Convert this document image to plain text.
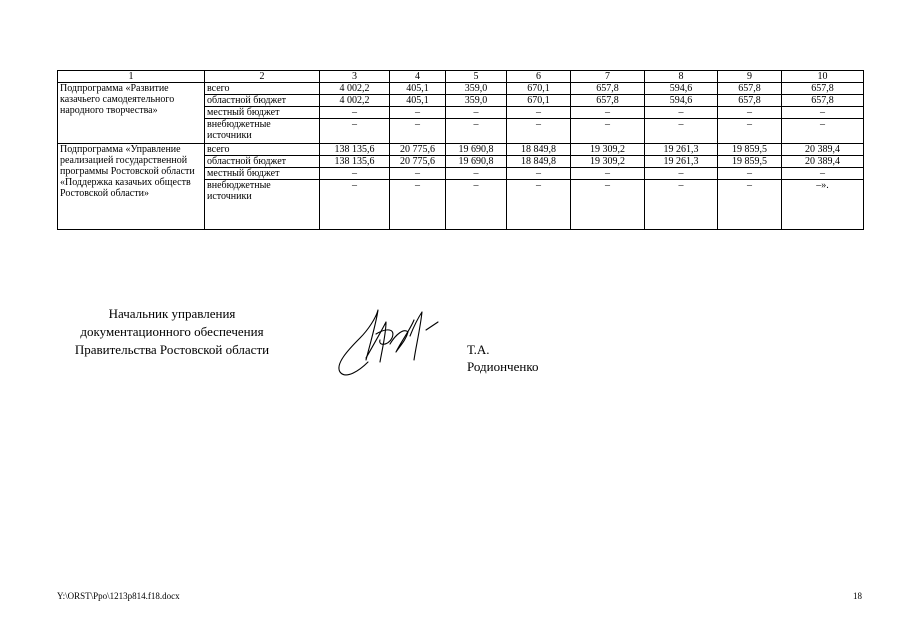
1	2	3	4	5	6	7	8	9	10
Подпрограмма «Развитие казачьего самодеятельного народного творчества»	всего	4 002,2	405,1	359,0	670,1	657,8	594,6	657,8	657,8
	областной бюджет	4 002,2	405,1	359,0	670,1	657,8	594,6	657,8	657,8
	местный бюджет	–	–	–	–	–	–	–	–
	внебюджетные источники	–	–	–	–	–	–	–	–
Подпрограмма «Управление реализацией государственной программы Ростовской области «Поддержка казачьих обществ Ростовской области»	всего	138 135,6	20 775,6	19 690,8	18 849,8	19 309,2	19 261,3	19 859,5	20 389,4
	областной бюджет	138 135,6	20 775,6	19 690,8	18 849,8	19 309,2	19 261,3	19 859,5	20 389,4
	местный бюджет	–	–	–	–	–	–	–	–
	внебюджетные источники	–	–	–	–	–	–	–	–».
Начальник управления
документационного обеспечения
Правительства Ростовской области	Т.А. Родионченко
Y:\ORST\Ppo\1213p814.f18.docx	18
